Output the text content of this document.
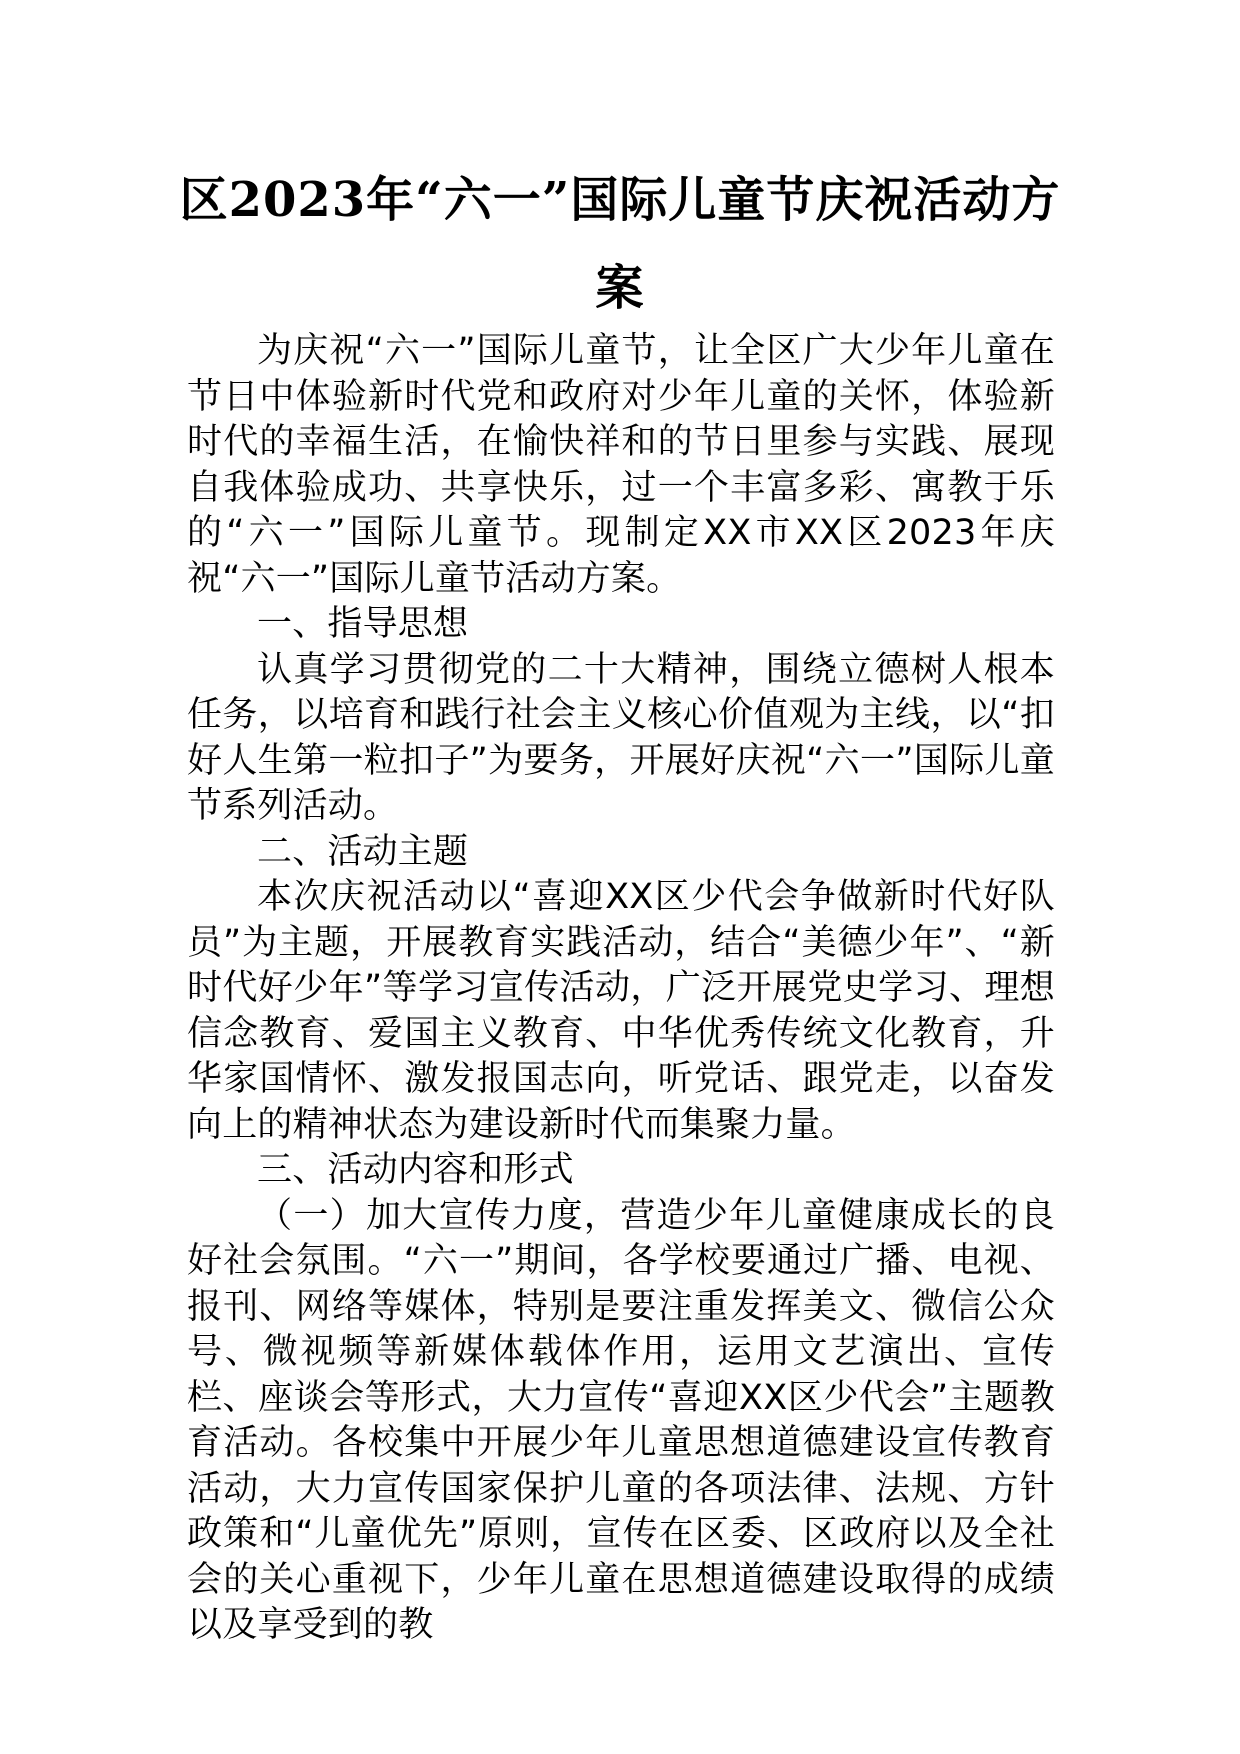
区2023年“六一”国际儿童节庆祝活动方
案

为庆祝“六一”国际儿童节，让全区广大少年儿童在节日中体验新时代党和政府对少年儿童的关怀，体验新时代的幸福生活，在愉快祥和的节日里参与实践、展现自我体验成功、共享快乐，过一个丰富多彩、寓教于乐的“六一”国际儿童节。现制定XX市XX区2023年庆祝“六一”国际儿童节活动方案。

一、指导思想

认真学习贯彻党的二十大精神，围绕立德树人根本任务，以培育和践行社会主义核心价值观为主线，以“扣好人生第一粒扣子”为要务，开展好庆祝“六一”国际儿童节系列活动。

二、活动主题

本次庆祝活动以“喜迎XX区少代会争做新时代好队员”为主题，开展教育实践活动，结合“美德少年”、“新时代好少年”等学习宣传活动，广泛开展党史学习、理想信念教育、爱国主义教育、中华优秀传统文化教育，升华家国情怀、激发报国志向，听党话、跟党走，以奋发向上的精神状态为建设新时代而集聚力量。

三、活动内容和形式

（一）加大宣传力度，营造少年儿童健康成长的良好社会氛围。“六一”期间，各学校要通过广播、电视、报刊、网络等媒体，特别是要注重发挥美文、微信公众号、微视频等新媒体载体作用，运用文艺演出、宣传栏、座谈会等形式，大力宣传“喜迎XX区少代会”主题教育活动。各校集中开展少年儿童思想道德建设宣传教育活动，大力宣传国家保护儿童的各项法律、法规、方针政策和“儿童优先”原则，宣传在区委、区政府以及全社会的关心重视下，少年儿童在思想道德建设取得的成绩以及享受到的教
